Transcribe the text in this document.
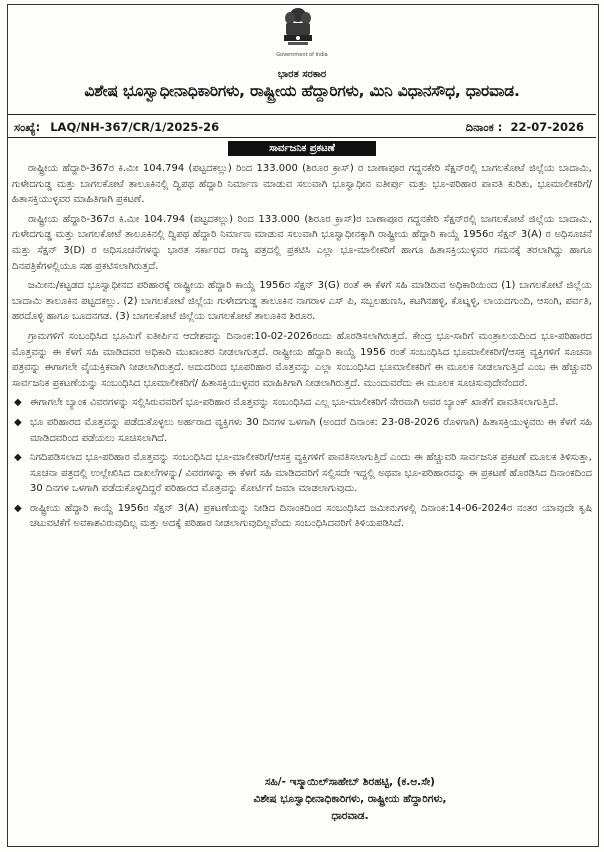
Government of India
ಭಾರತ ಸರಕಾರ
ವಿಶೇಷ ಭೂಸ್ವಾಧೀನಾಧಿಕಾರಿಗಳು, ರಾಷ್ಟ್ರೀಯ ಹೆದ್ದಾರಿಗಳು, ಮಿನಿ ವಿಧಾನಸೌಧ, ಧಾರವಾಡ.
ಸಂಖ್ಯೆ: LAQ/NH-367/CR/1/2025-26	ದಿನಾಂಕ : 22-07-2026
ಸಾರ್ವಜನಿಕ ಪ್ರಕಟಣೆ

ರಾಷ್ಟ್ರೀಯ ಹೆದ್ದಾರಿ-367ರ ಕಿ.ಮೀ 104.794 (ಪಟ್ಟದಕಲ್ಲು) ರಿಂದ 133.000 (ಶಿರೂರ ಕ್ರಾಸ್) ರ ಬಾಣಾಪೂರ ಗದ್ದನಕೇರಿ ಸೆಕ್ಷನ್‌ರಲ್ಲಿ ಬಾಗಲಕೋಟೆ ಜಿಲ್ಲೆಯ ಬಾದಾಮಿ, ಗುಳೇದಗುಡ್ಡ ಮತ್ತು ಬಾಗಲಕೋಟೆ ತಾಲೂಕಿನಲ್ಲಿ ದ್ವಿಪಥ ಹೆದ್ದಾರಿ ನಿರ್ಮಾಣ ಮಾಡುವ ಸಲುವಾಗಿ ಭೂಸ್ವಾಧೀನ ಐತೀರ್ಪು ಮತ್ತು ಭೂ-ಪರಿಹಾರ ಪಾವತಿ ಕುರಿತು, ಭೂಮಾಲೀಕರಿಗೆ/ಹಿತಾಸಕ್ತಿಯುಳ್ಳವರ ಮಾಹಿತಿಗಾಗಿ ಪ್ರಕಟಣೆ.

ರಾಷ್ಟ್ರೀಯ ಹೆದ್ದಾರಿ-367ರ ಕಿ.ಮೀ 104.794 (ಪಟ್ಟದಕಲ್ಲು) ರಿಂದ 133.000 (ಶಿರೂರ ಕ್ರಾಸ್)ರ ಬಾಣಾಪೂರ ಗದ್ದನಕೇರಿ ಸೆಕ್ಷನ್‌ರಲ್ಲಿ ಬಾಗಲಕೋಟೆ ಜಿಲ್ಲೆಯ ಬಾದಾಮಿ, ಗುಳೇದಗುಡ್ಡ ಮತ್ತು ಬಾಗಲಕೋಟೆ ತಾಲೂಕಿನಲ್ಲಿ ದ್ವಿಪಥ ಹೆದ್ದಾರಿ ನಿರ್ಮಾಣ ಮಾಡುವ ಸಲುವಾಗಿ ಭೂಸ್ವಾಧೀನಕ್ಕಾಗಿ ರಾಷ್ಟ್ರೀಯ ಹೆದ್ದಾರಿ ಕಾಯ್ದೆ 1956ರ ಸೆಕ್ಷನ್ 3(A) ರ ಅಧಿಸೂಚನೆ ಮತ್ತು ಸೆಕ್ಷನ್ 3(D) ರ ಅಧಿಸೂಚನೆಗಳನ್ನು ಭಾರತ ಸರ್ಕಾರದ ರಾಜ್ಯ ಪತ್ರದಲ್ಲಿ ಪ್ರಕಟಿಸಿ ಎಲ್ಲಾ ಭೂ-ಮಾಲೀಕರಿಗೆ ಹಾಗೂ ಹಿತಾಸಕ್ತಿಯುಳ್ಳವರ ಗಮನಕ್ಕೆ ತರಲಾಗಿದ್ದು ಹಾಗೂ ದಿನಪತ್ರಿಕೆಗಳಲ್ಲಿಯೂ ಸಹ ಪ್ರಕಟಿಸಲಾಗಿರುತ್ತದೆ.

ಜಮೀನು/ಕಟ್ಟಡದ ಭೂಸ್ವಾಧೀನದ ಪರಿಹಾರಕ್ಕೆ ರಾಷ್ಟ್ರೀಯ ಹೆದ್ದಾರಿ ಕಾಯ್ದೆ 1956ರ ಸೆಕ್ಷನ್ 3(G) ರಂತೆ ಈ ಕೆಳಗೆ ಸಹಿ ಮಾಡಿರುವ ಅಧಿಕಾರಿಯಿಂದ (1) ಬಾಗಲಕೋಟೆ ಜಿಲ್ಲೆಯ ಬಾದಾಮಿ ತಾಲೂಕಿನ ಪಟ್ಟದಕಲ್ಲು. (2) ಬಾಗಲಕೋಟೆ ಜಿಲ್ಲೆಯ ಗುಳೇದಗುಡ್ಡ ತಾಲೂಕಿನ ನಾಗರಾಳ ಎಸ್ ಪಿ, ಸಬ್ಬಲಹುಣಸಿ, ಕಟಗಿನಹಳ್ಳಿ, ಕೊಟ್ನಳ್ಳಿ, ಲಾಯದಗುಂದಿ, ಆಸಂಗಿ, ಪರ್ವತಿ, ಹರದೊಳ್ಳಿ ಹಾಗೂ ಬೂದನಗಡ. (3) ಬಾಗಲಕೋಟೆ ಜಿಲ್ಲೆಯ ಬಾಗಲಕೋಟೆ ತಾಲೂಕಿನ ಶಿರೂರ.

ಗ್ರಾಮಗಳಿಗೆ ಸಂಬಂಧಿಸಿದ ಭೂಮಿಗೆ ಐತೀರ್ಪಿನ ಆದೇಶವನ್ನು ದಿನಾಂಕ:10-02-2026ರಂದು ಹೊರಡಿಸಲಾಗಿರುತ್ತದೆ. ಕೇಂದ್ರ ಭೂ-ಸಾರಿಗೆ ಮಂತ್ರಾಲಯದಿಂದ ಭೂ-ಪರಿಹಾರದ ಮೊತ್ತವನ್ನು ಈ ಕೆಳಗೆ ಸಹಿ ಮಾಡಿದವರ ಅಧಿಕಾರಿ ಮುಖಾಂತರ ನೀಡಲಾಗುತ್ತದೆ. ರಾಷ್ಟ್ರೀಯ ಹೆದ್ದಾರಿ ಕಾಯ್ದೆ 1956 ರಂತೆ ಸಂಬಂಧಿಸಿದ ಭೂಮಾಲೀಕರಿಗೆ/ಆಸಕ್ತ ವ್ಯಕ್ತಿಗಳಿಗೆ ಸೂಚನಾ ಪತ್ರವನ್ನು ಈಗಾಗಲೇ ವೈಯಕ್ತಿಕವಾಗಿ ನೀಡಲಾಗಿರುತ್ತದೆ. ಅದುದರಿಂದ ಭೂಪರಿಹಾರ ಮೊತ್ತವನ್ನು ಎಲ್ಲಾ ಸಂಬಂಧಿಸಿದ ಭೂಮಾಲೀಕರಿಗೆ ಈ ಮೂಲಕ ನೀಡಲಾಗುತ್ತಿದೆ ಎಂಬ ಈ ಹೆಚ್ಚುವರಿ ಸಾರ್ವಜನಿಕ ಪ್ರಕಟಣೆಯನ್ನು ಸಂಬಂಧಿಸಿದ ಭೂಮಾಲೀಕರಿಗೆ/ ಹಿತಾಸಕ್ತಿಯುಳ್ಳವರ ಮಾಹಿತಿಗಾಗಿ ನೀಡಲಾಗಿರುತ್ತದೆ. ಮುಂದುವರೆದು ಈ ಮೂಲಕ ಸೂಚಿಸುವುದೇನೆಂದರೆ.

◆ ಈಗಾಗಲೇ ಬ್ಯಾಂಕ ವಿವರಗಳನ್ನು ಸಲ್ಲಿಸಿರುವವರಿಗೆ ಭೂ-ಪರಿಹಾರ ಮೊತ್ತವನ್ನು ಸಂಬಂಧಿಸಿದ ಎಲ್ಲ ಭೂ-ಮಾಲೀಕರಿಗೆ ನೇರವಾಗಿ ಅವರ ಬ್ಯಾಂಕ್ ಖಾತೆಗೆ ಪಾವತಿಸಲಾಗುತ್ತಿದೆ.
◆ ಭೂ ಪರಿಹಾರದ ಮೊತ್ತವನ್ನು ಪಡೆದುಕೊಳ್ಳಲು ಅರ್ಹರಾದ ವ್ಯಕ್ತಿಗಳು 30 ದಿನಗಳ ಒಳಗಾಗಿ (ಅಂದರೆ ದಿನಾಂಕ: 23-08-2026 ರೊಳಗಾಗಿ) ಹಿತಾಸಕ್ತಿಯುಳ್ಳವರು ಈ ಕೆಳಗೆ ಸಹಿ ಮಾಡಿದವರಿಂದ ಪಡೆಯಲು ಸೂಚಿಸಲಾಗಿದೆ.
◆ ನಿಗದಿಪಡಿಸಲಾದ ಭೂ-ಪರಿಹಾರ ಮೊತ್ತವನ್ನು ಸಂಬಂಧಿಸಿದ ಭೂ-ಮಾಲೀಕರಿಗೆ/ಆಸಕ್ತ ವ್ಯಕ್ತಿಗಳಿಗೆ ಪಾವತಿಸಲಾಗುತ್ತಿದೆ ಎಂದು ಈ ಹೆಚ್ಚುವರಿ ಸಾರ್ವಜನಿಕ ಪ್ರಕಟಣೆ ಮೂಲಕ ತಿಳಿಸುತ್ತಾ, ಸೂಚನಾ ಪತ್ರದಲ್ಲಿ ಉಲ್ಲೇಖಿಸಿದ ದಾಖಲೆಗಳನ್ನು/ ವಿವರಗಳನ್ನು ಈ ಕೆಳಗೆ ಸಹಿ ಮಾಡಿದವರಿಗೆ ಸಲ್ಲಿಸದೇ ಇದ್ದಲ್ಲಿ ಅಥವಾ ಭೂ-ಪರಿಹಾರವನ್ನು ಈ ಪ್ರಕಟಣೆ ಹೊರಡಿಸಿದ ದಿನಾಂಕದಿಂದ 30 ದಿನಗಳ ಒಳಗಾಗಿ ಪಡೆದುಕೊಳ್ಳದಿದ್ದರೆ ಪರಿಹಾರದ ಮೊತ್ತವನ್ನು ಕೋರ್ಟಿಗೆ ಜಮಾ ಮಾಡಲಾಗುವುದು.
◆ ರಾಷ್ಟ್ರೀಯ ಹೆದ್ದಾರಿ ಕಾಯ್ದೆ 1956ರ ಸೆಕ್ಷನ್ 3(A) ಪ್ರಕಟಣೆಯನ್ನು ನೀಡಿದ ದಿನಾಂಕದಿಂದ ಸಂಬಂಧಿಸಿದ ಜಮೀನುಗಳಲ್ಲಿ ದಿನಾಂಕ:14-06-2024ರ ನಂತರ ಯಾವುದೇ ಕೃಷಿ ಚಟುವಟಿಕೆಗೆ ಅವಕಾಶವಿರುವುದಿಲ್ಲ ಮತ್ತು ಅದಕ್ಕೆ ಪರಿಹಾರ ನೀಡಲಾಗುವುದಿಲ್ಲವೆಂದು ಸಂಬಂಧಿಸಿದವರಿಗೆ ತಿಳಿಯಪಡಿಸಿದೆ.
ಸಹಿ/- ಇಸ್ಮಾಯಿಲ್‌ಸಾಹೇಬ್ ಶಿರಹಟ್ಟಿ, (ಕ.ಆ.ಸೇ)
ವಿಶೇಷ ಭೂಸ್ವಾಧೀನಾಧಿಕಾರಿಗಳು, ರಾಷ್ಟ್ರೀಯ ಹೆದ್ದಾರಿಗಳು,
ಧಾರವಾಡ.
